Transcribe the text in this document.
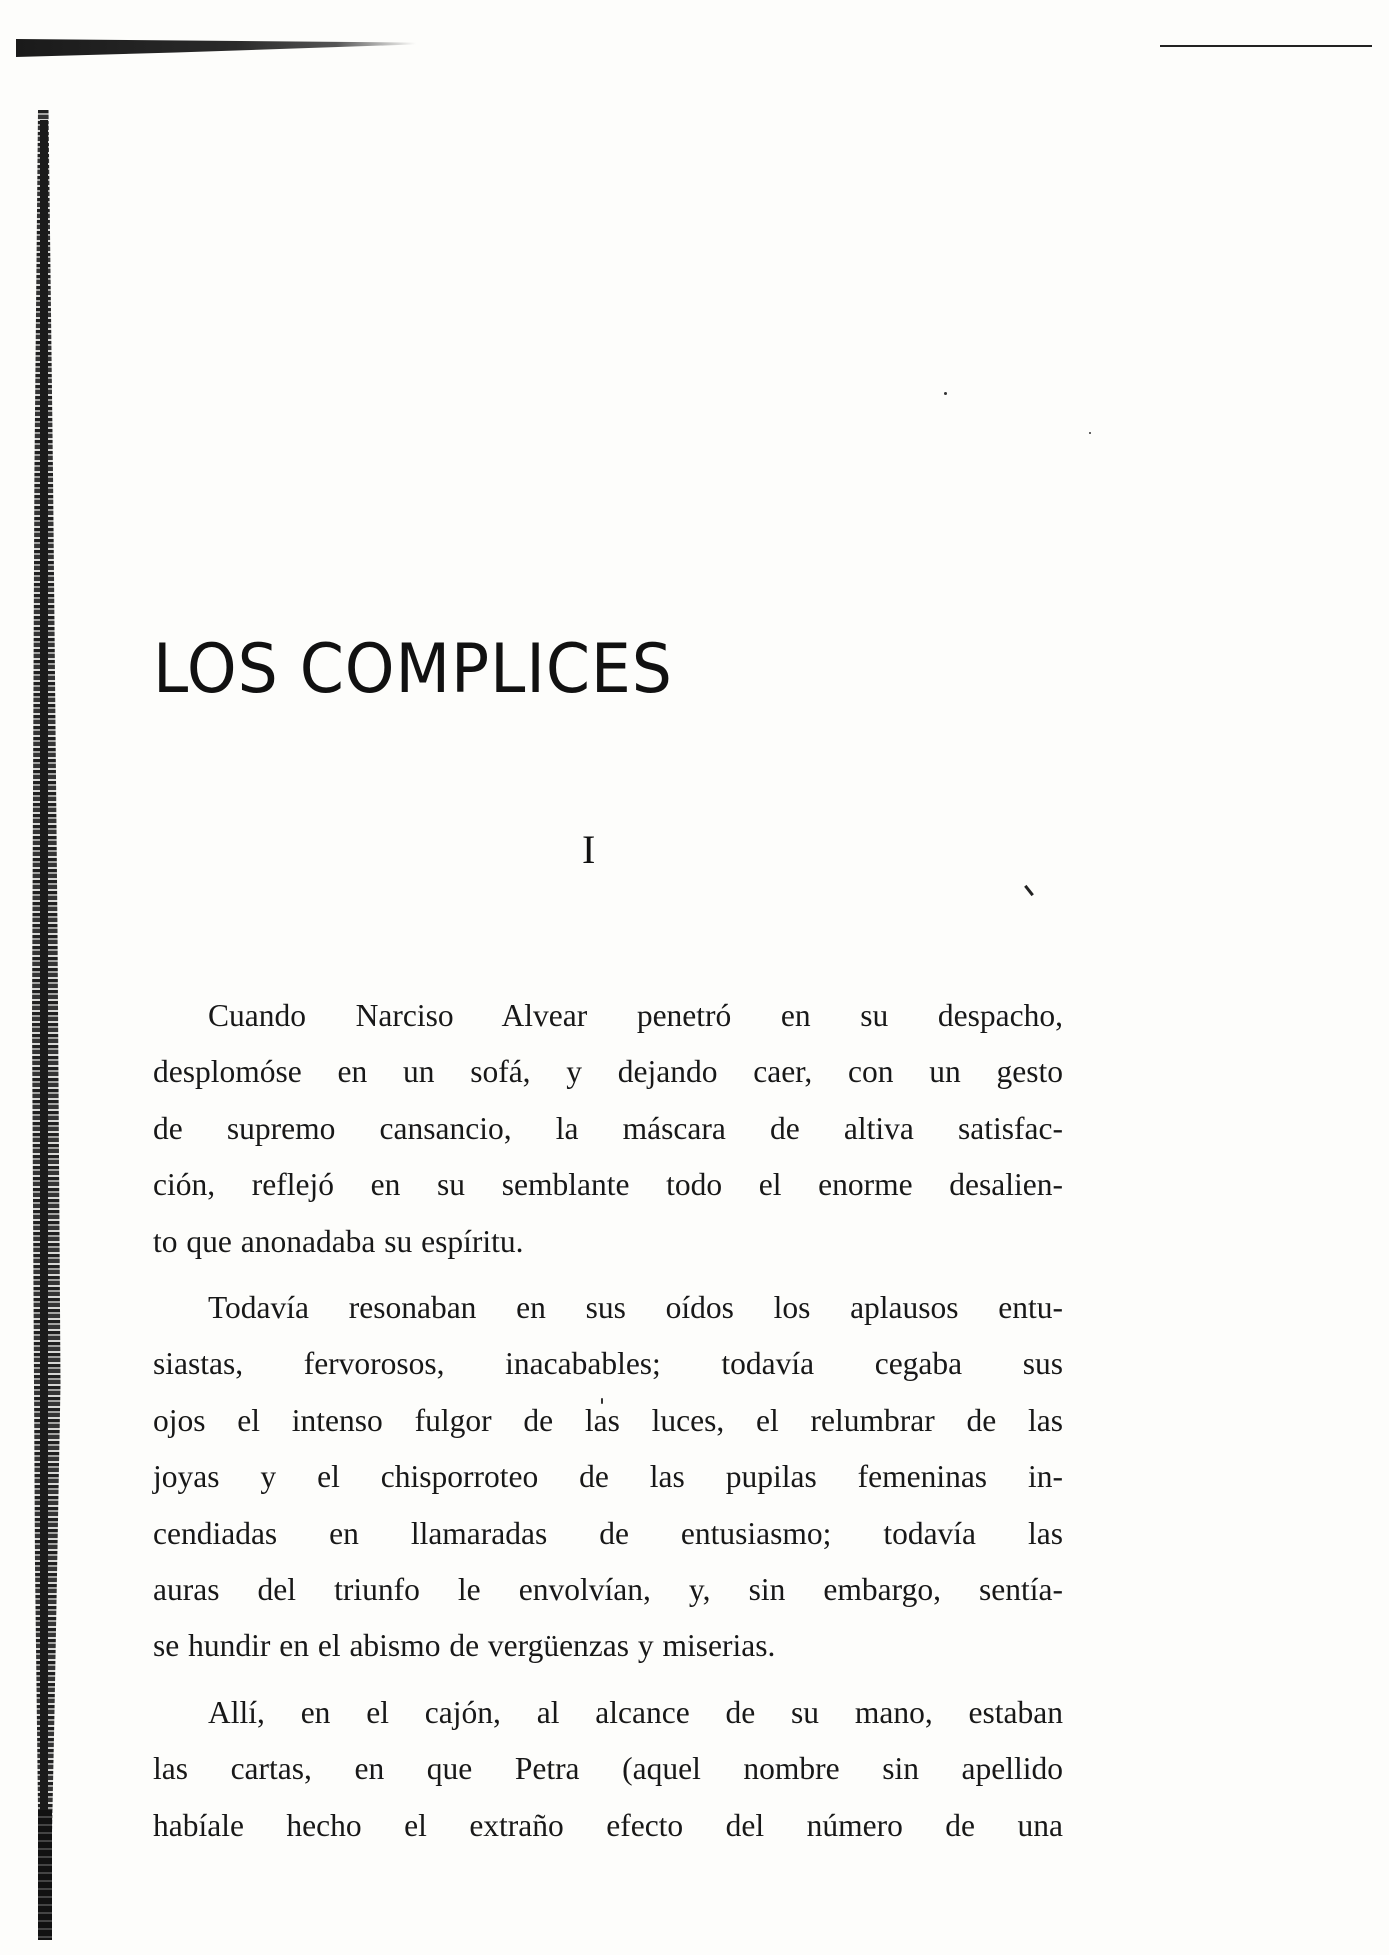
LOS COMPLICES
I

Cuando Narciso Alvear penetró en su despacho,
desplomóse en un sofá, y dejando caer, con un gesto
de supremo cansancio, la máscara de altiva satisfac-
ción, reflejó en su semblante todo el enorme desalien-
to que anonadaba su espíritu.

Todavía resonaban en sus oídos los aplausos entu-
siastas, fervorosos, inacabables; todavía cegaba sus
ojos el intenso fulgor de las luces, el relumbrar de las
joyas y el chisporroteo de las pupilas femeninas in-
cendiadas en llamaradas de entusiasmo; todavía las
auras del triunfo le envolvían, y, sin embargo, sentía-
se hundir en el abismo de vergüenzas y miserias.

Allí, en el cajón, al alcance de su mano, estaban
las cartas, en que Petra (aquel nombre sin apellido
habíale hecho el extraño efecto del número de una
